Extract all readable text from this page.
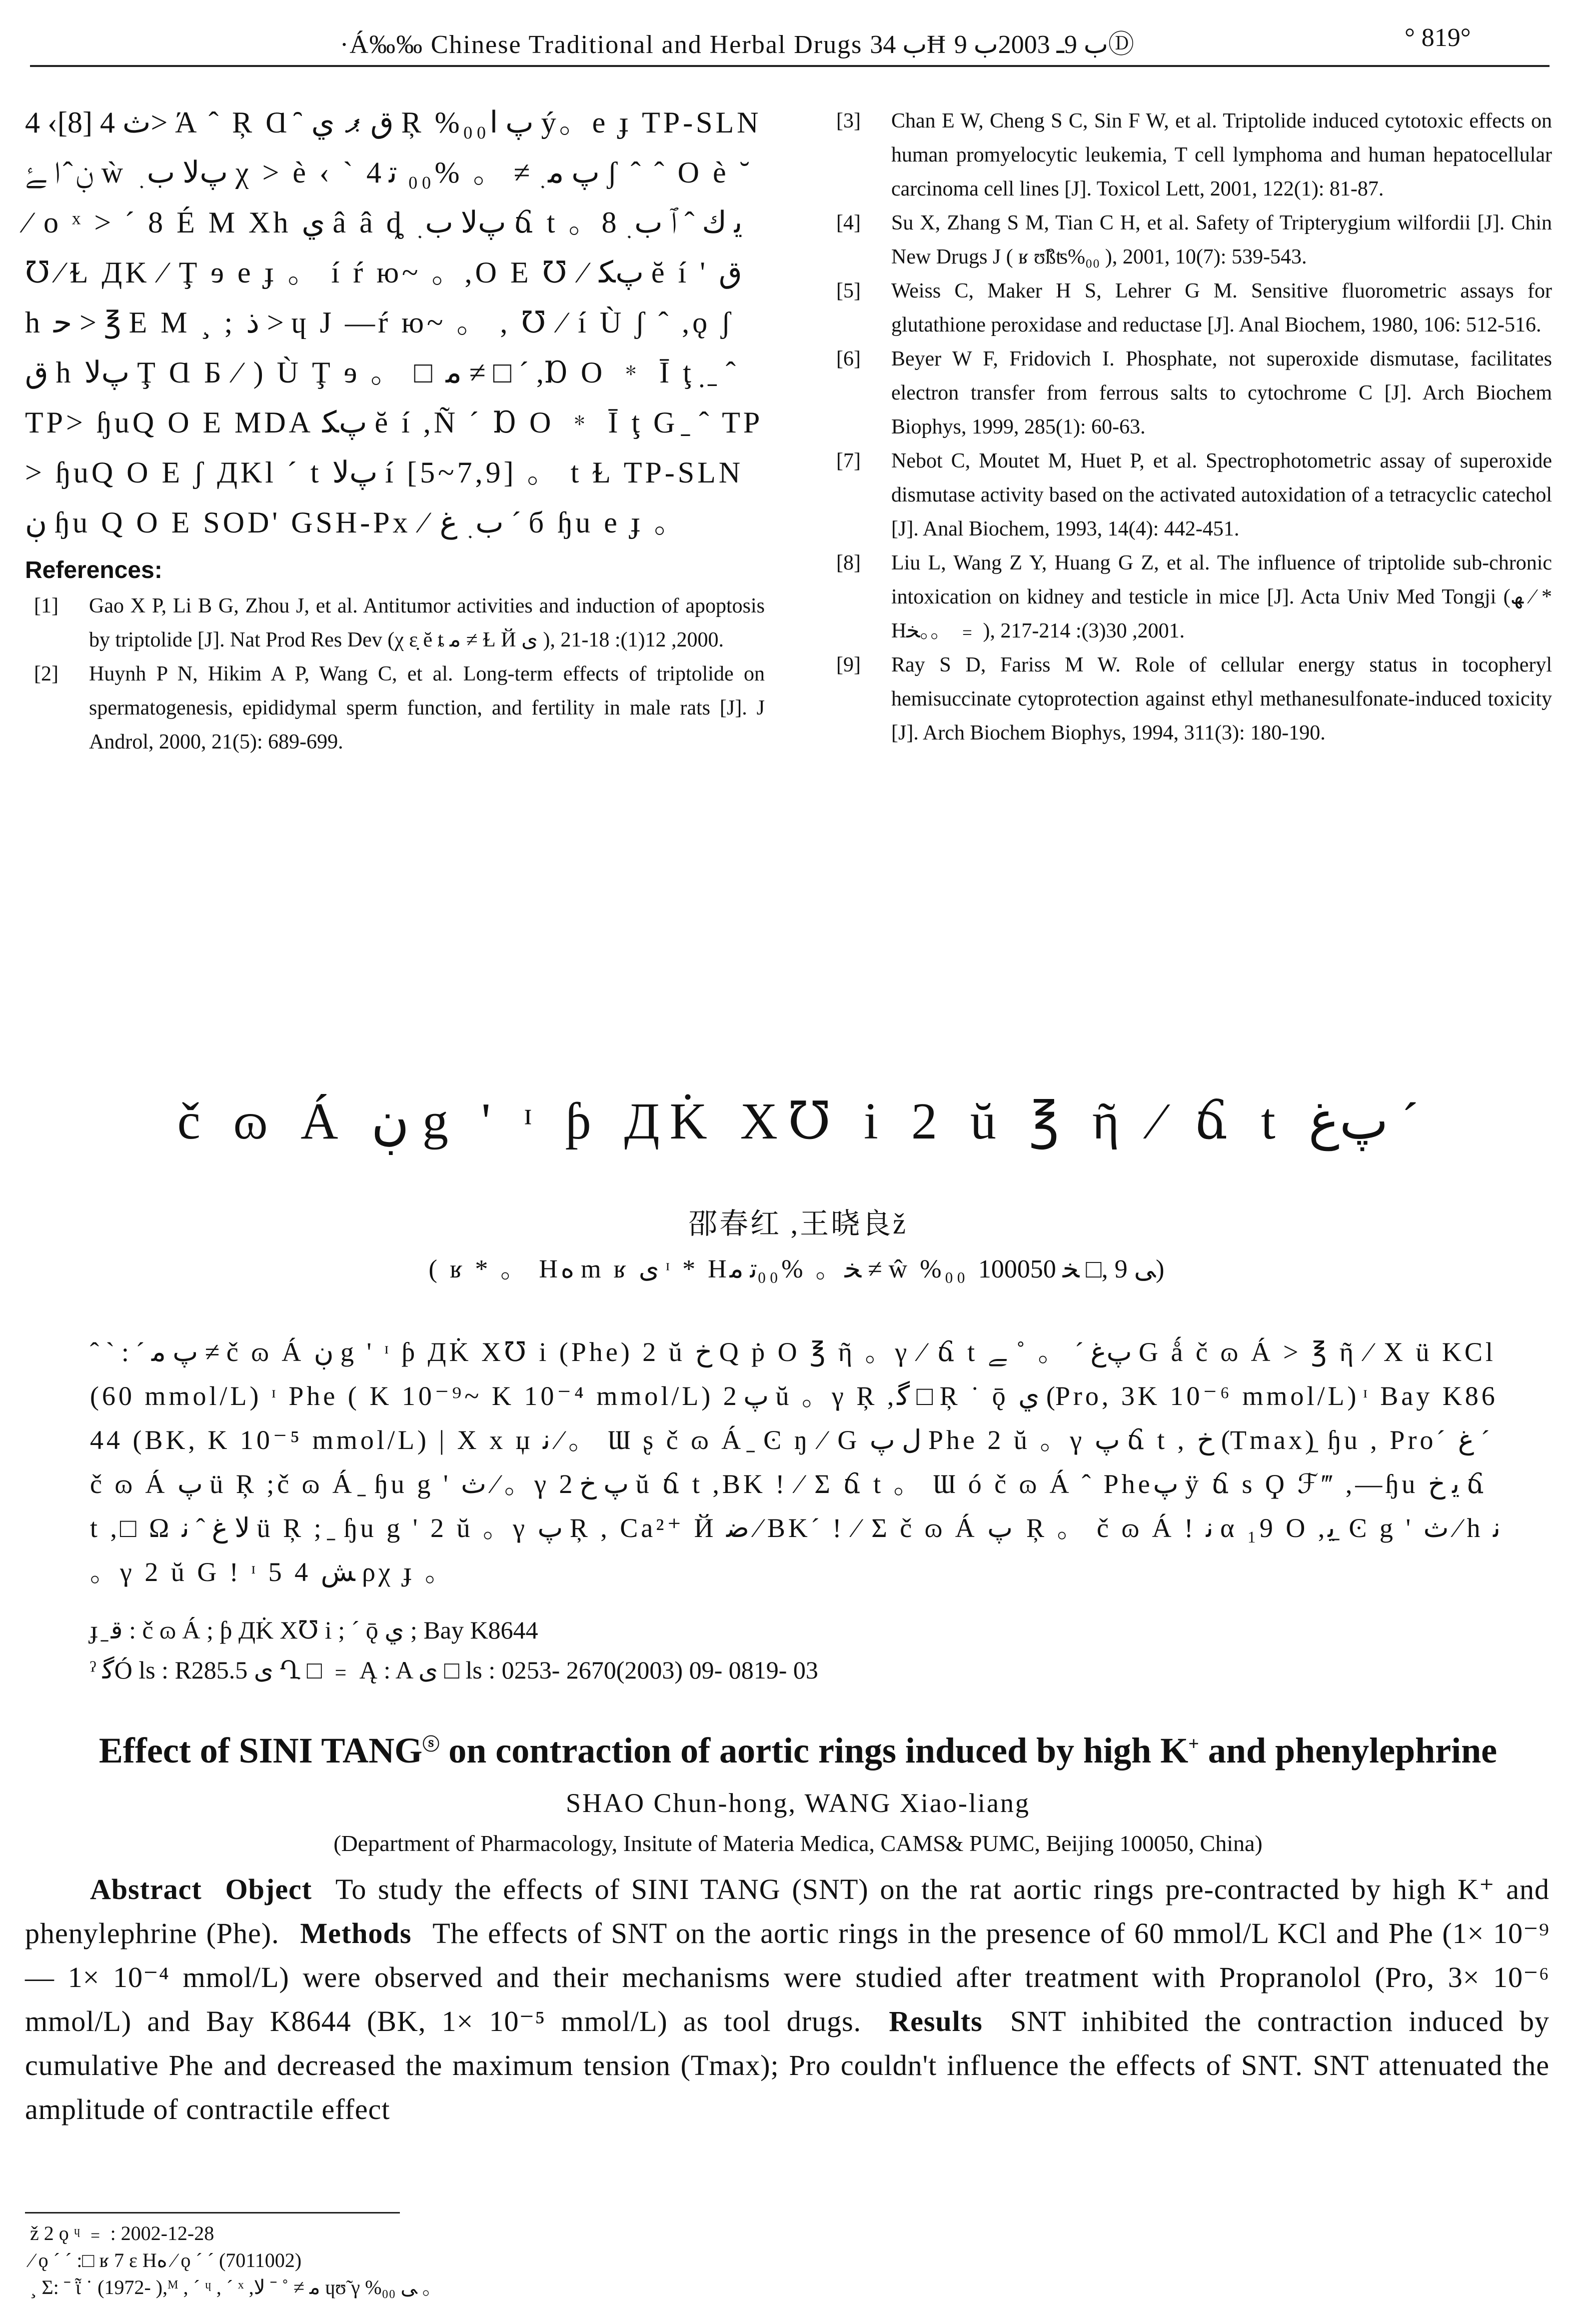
·Á‰‰ Chinese Traditional and Herbal Drugs ب 34Ħ ب 9ـ 2003ب 9Ⓓ	° 819°
4 ‹[8] 4 ث> Ά ˆ Ŗ Ɑ ̑ ق ޕ ي Ŗ %₀₀پ ﺍ ý。е ɟ TP-SLNڹ ̂ ا ﮱ ẁ پﻻ ب﮳ χ > è ‹ ` پ ﻣ﮳ ≠ 。 %₀₀ ﺗ 4 ʃ ˆ ˆ O è ˘ ⁄ o ˣ > ´ 8 É M Χh ي â â ȡ پﻻ ب﮳ ճ t 。ﻳ ك ˆ ﭐ ب﮳ 8 ℧ ⁄ Ɫ ДK ⁄ Ţ ɘ е ɟ 。 í ŕ ю~ 。,O E ℧ ⁄ پﻜ ĕ í ' ﻕ h ﺣ > ℥ E M ¸ ; ﺫ > ɥ J —ŕ ю~ 。 , ℧ ⁄ í Ù ʃ ˆ ,ǫ ʃ ﻕ h پﻻ Ţ Ɑ Ƃ ⁄ ) Ù Ţ ɘ 。 □ ﻣ ≠ □ ´ ,Ɒ O ﹡ Ī ţ ̣ ̱ ˆ TP> ɧuQ O E MDA پﻜ ĕ í ,Ñ ´ Ɒ O ﹡ Ī ţ G ̱ ˆ TP> ɧuQ O E ʃ ДKl ´ t پﻻ í [5~7,9] 。 t Ɫ TP-SLNڹ ɧu Q O E SOD' GSH-Px ⁄ ب﮳ ﻍ ´ б ɧu е ɟ 。
References:
[1] Gao X P, Li B G, Zhou J, et al. Antitumor activities and induction of apoptosis by triptolide [J]. Nat Prod Res Dev (χ ɛ̣ ĕ ȶ ﻣ ≠ Ɫ Й ﻯ ), 2000, 12(1): 18-21.
[2] Huynh P N, Hikim A P, Wang C, et al. Long-term effects of triptolide on spermatogenesis, epididymal sperm function, and fertility in male rats [J]. J Androl, 2000, 21(5): 689-699.
[3] Chan E W, Cheng S C, Sin F W, et al. Triptolide induced cytotoxic effects on human promyelocytic leukemia, T cell lymphoma and human hepatocellular carcinoma cell lines [J]. Toxicol Lett, 2001, 122(1): 81-87.
[4] Su X, Zhang S M, Tian C H, et al. Safety of Tripterygium wilfordii [J]. Chin New Drugs J ( ʁ ʊ̃ßʦ%₀₀ ), 2001, 10(7): 539-543.
[5] Weiss C, Maker H S, Lehrer G M. Sensitive fluorometric assays for glutathione peroxidase and reductase [J]. Anal Biochem, 1980, 106: 512-516.
[6] Beyer W F, Fridovich I. Phosphate, not superoxide dismutase, facilitates electron transfer from ferrous salts to cytochrome C [J]. Arch Biochem Biophys, 1999, 285(1): 60-63.
[7] Nebot C, Moutet M, Huet P, et al. Spectrophotometric assay of superoxide dismutase activity based on the activated autoxidation of a tetracyclic catechol [J]. Anal Biochem, 1993, 14(4): 442-451.
[8] Liu L, Wang Z Y, Huang G Z, et al. The influence of triptolide sub-chronic intoxication on kidney and testicle in mice [J]. Acta Univ Med Tongji (ﮫ ⁄ * Hﺨ。。 ﹦ ), 2001, 30(3): 214-217.
[9] Ray S D, Fariss M W. Role of cellular energy status in tocopheryl hemisuccinate cytoprotection against ethyl methanesulfonate-induced toxicity [J]. Arch Biochem Biophys, 1994, 311(3): 180-190.
č ɷ Á ڹ g ' ᶦ ƥ ДK̇ Χ℧ i 2 ŭ ℥ ῆ ⁄ ճ t پﻍ ´
邵春红 ,王晓良ž
( ʁ * 。 Hﻩ m ʁ ﻯ ᶦ * Hﺨ。 %₀₀ﺗ ﻣ ≠ ŵ %₀₀ ﯽ 9 ,□ ﺨ 100050)
ˆ ` : ´ پ ﻣ ≠ č ɷ Á ڹ g ' ᶦ ƥ ДK̇ Χ℧ i (Phe) 2 ŭ ﺥ Q ṗ O ℥ ῆ 。γ ⁄ ճ t پﻍ ´ 。 ˚ ﮯ G ǻ č ɷ Á > ℥ ῆ ⁄ Χ ü KCl (60 mmol/L) ᶦ Phe ( K 10⁻⁹~ K 10⁻⁴ mmol/L) پ 2 ŭ 。γ Ŗ ,ﮔ □ Ŗ ˙ ǭ ي (Pro, 3K 10⁻⁶ mmol/L) ᶦ Bay K8644 (BK, K 10⁻⁵ mmol/L) | Χ x џ ﻧ ⁄ 。 Ɯ ʂ č ɷ Á ̱ Ͼ ŋ ⁄ G ﻝ پ Phe 2 ŭ 。γ پ ճ t , ﺥ (Tmax) ̱ ɧu , Pro´ ﻍ ´ č ɷ Á پ ü Ŗ ;č ɷ Á ̱ ɧu g ' ث ⁄ 。γ پ ﺥ 2 ŭ ճ t ,BK ! ⁄ Σ ճ t 。 Ɯ ó č ɷ Á ˆ Pheپ ÿ ճ s Ϙ ℱ‴ ,—ɧu ﻳ ﺥ ճ t ,□ Ω ﻻ غ ˆ ﻧ ü Ŗ ; ̱ ɧu g ' 2 ŭ 。γ پ Ŗ , Ca²⁺ Й ﺿ ⁄ BK´ ! ⁄ Σ č ɷ Á پ ͏ Ŗ 。 č ɷ Á ! ﻧ α ₁9 O ,ﻳ ̱ Ͼ g ' ث ⁄ h ﻧ 。γ 2 ŭ G ! ᶦ 5 4 ﺶ ρχ ɟ 。
ɟ ̱ ﻗ : č ɷ Á ; ƥ ДK̇ Χ℧ i ; ´ ǭ ي ; Bay K8644
ˀ ﮔÓ ls : R285.5 ى Ղ □ ﹦ Ą : A ى □ ls : 0253- 2670(2003) 09- 0819- 03
Effect of SINI TANGⓢ on contraction of aortic rings induced by high K+ and phenylephrine
SHAO Chun-hong, WANG Xiao-liang
(Department of Pharmacology, Insitute of Materia Medica, CAMS& PUMC, Beijing 100050, China)
Abstract Object To study the effects of SINI TANG (SNT) on the rat aortic rings pre-contracted by high K⁺ and phenylephrine (Phe). Methods The effects of SNT on the aortic rings in the presence of 60 mmol/L KCl and Phe (1× 10⁻⁹— 1× 10⁻⁴ mmol/L) were observed and their mechanisms were studied after treatment with Propranolol (Pro, 3× 10⁻⁶ mmol/L) and Bay K8644 (BK, 1× 10⁻⁵ mmol/L) as tool drugs. Results SNT inhibited the contraction induced by cumulative Phe and decreased the maximum tension (Tmax); Pro couldn't influence the effects of SNT. SNT attenuated the amplitude of contractile effect
ž 2 ǫ ᶣ ﹦ : 2002-12-28
⁄ ǫ ´ ´ :□ ʁ 7 ɛ Hﻩ ⁄ ǫ ´ ´ (7011002)
¸ Σ: ˉ ῗ ˙ (1972- ),ᴹ , ´ ᶣ , ´ ˣ ,ﻣ ≠ ˚ ˉ ﻻ ɥʊ̃ γ %₀₀ ﯽ 。
